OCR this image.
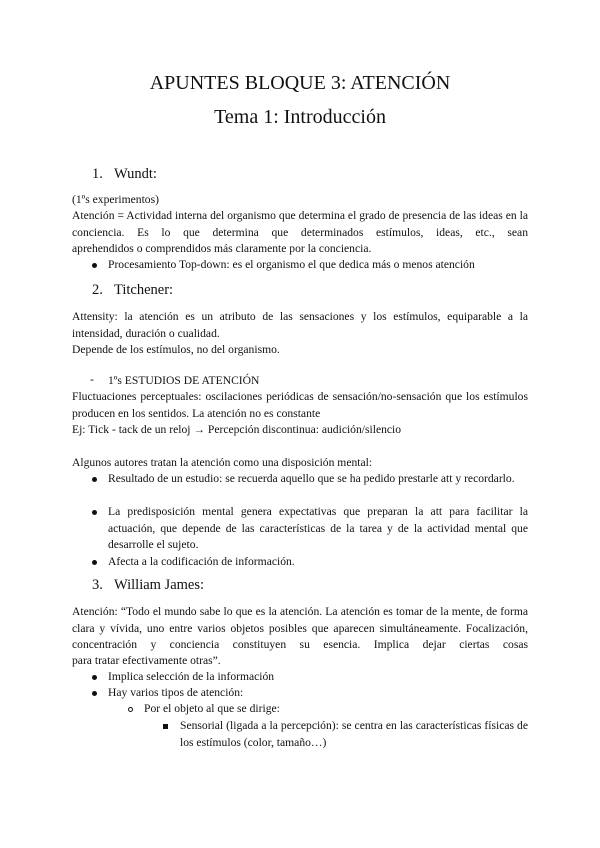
APUNTES BLOQUE 3: ATENCIÓN
Tema 1: Introducción
1. Wundt:
(1ºs experimentos)
Atención = Actividad interna del organismo que determina el grado de presencia de las ideas en la conciencia. Es lo que determina que determinados estímulos, ideas, etc., sean
aprehendidos o comprendidos más claramente por la conciencia.
Procesamiento Top-down: es el organismo el que dedica más o menos atención
2. Titchener:
Attensity: la atención es un atributo de las sensaciones y los estímulos, equiparable a la intensidad, duración o cualidad.
Depende de los estímulos, no del organismo.
- 1ºs ESTUDIOS DE ATENCIÓN
Fluctuaciones perceptuales: oscilaciones periódicas de sensación/no-sensación que los estímulos producen en los sentidos. La atención no es constante
Ej: Tick - tack de un reloj → Percepción discontinua: audición/silencio
Algunos autores tratan la atención como una disposición mental:
Resultado de un estudio: se recuerda aquello que se ha pedido prestarle att y recordarlo.
La predisposición mental genera expectativas que preparan la att para facilitar la actuación, que depende de las características de la tarea y de la actividad mental que desarrolle el sujeto.
Afecta a la codificación de información.
3. William James:
Atención: “Todo el mundo sabe lo que es la atención. La atención es tomar de la mente, de forma clara y vívida, uno entre varios objetos posibles que aparecen simultáneamente. Focalización, concentración y conciencia constituyen su esencia. Implica dejar ciertas cosas
para tratar efectivamente otras”.
Implica selección de la información
Hay varios tipos de atención:
Por el objeto al que se dirige:
Sensorial (ligada a la percepción): se centra en las características físicas de los estímulos (color, tamaño…)
